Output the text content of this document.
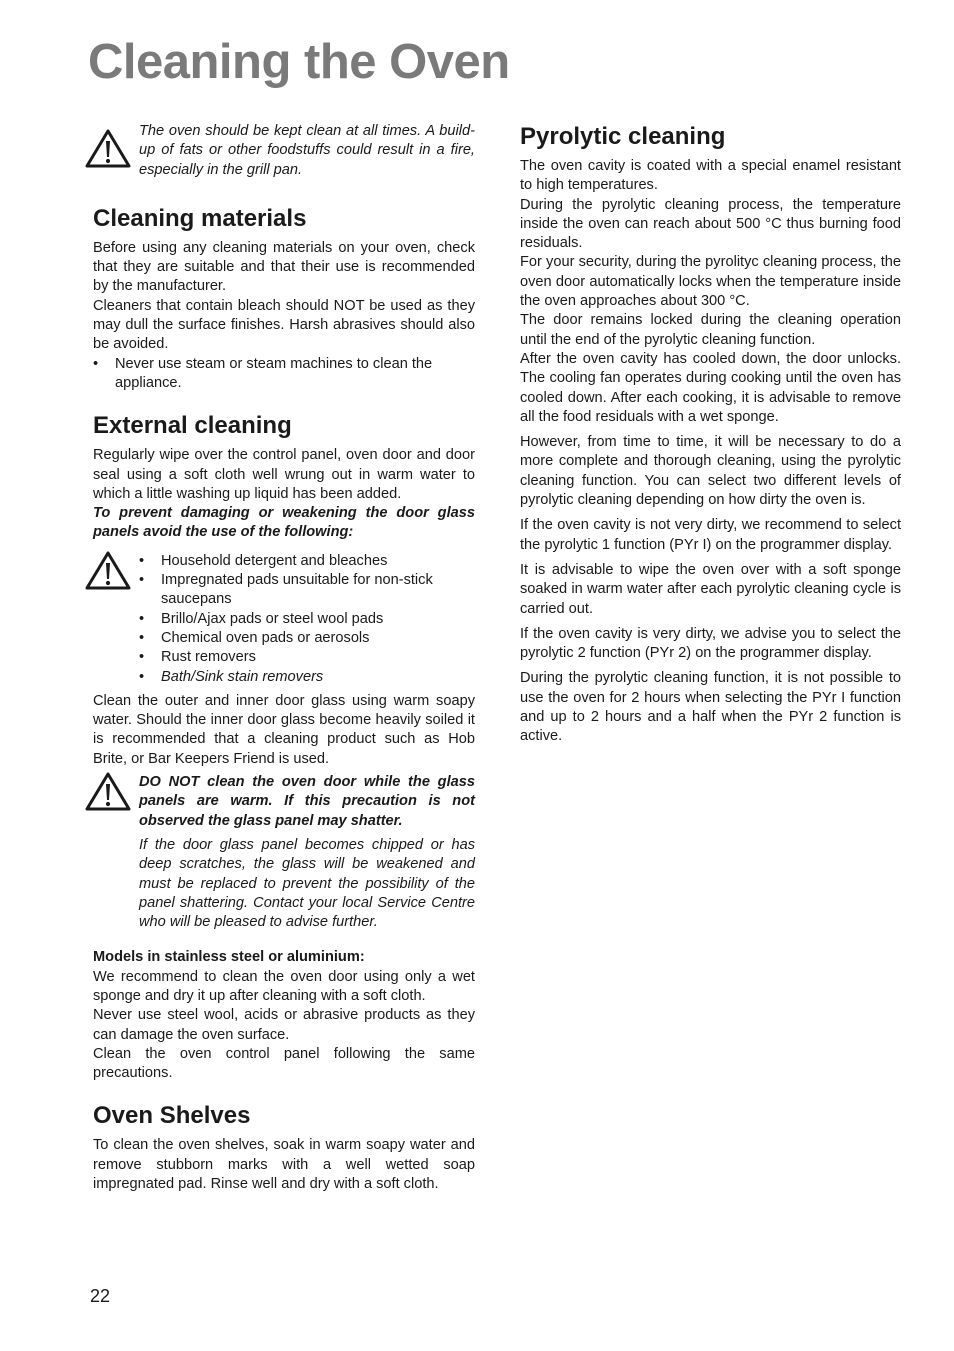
Cleaning the Oven

The oven should be kept clean at all times. A build-up of fats or other foodstuffs could result in a fire, especially in the grill pan.

Cleaning materials

Before using any cleaning materials on your oven, check that they are suitable and that their use is recommended by the manufacturer.

Cleaners that contain bleach should NOT be used as they may dull the surface finishes. Harsh abrasives should also be avoided.

• Never use steam or steam machines to clean the appliance.
External cleaning

Regularly wipe over the control panel, oven door and door seal using a soft cloth well wrung out in warm water to which a little washing up liquid has been added.

To prevent damaging or weakening the door glass panels avoid the use of the following:

• Household detergent and bleaches
• Impregnated pads unsuitable for non-stick saucepans
• Brillo/Ajax pads or steel wool pads
• Chemical oven pads or aerosols
• Rust removers
• Bath/Sink stain removers

Clean the outer and inner door glass using warm soapy water. Should the inner door glass become heavily soiled it is recommended that a cleaning product such as Hob Brite, or Bar Keepers Friend is used.

DO NOT clean the oven door while the glass panels are warm. If this precaution is not observed the glass panel may shatter.

If the door glass panel becomes chipped or has deep scratches, the glass will be weakened and must be replaced to prevent the possibility of the panel shattering. Contact your local Service Centre who will be pleased to advise further.

Models in stainless steel or aluminium:

We recommend to clean the oven door using only a wet sponge and dry it up after cleaning with a soft cloth.

Never use steel wool, acids or abrasive products as they can damage the oven surface.

Clean the oven control panel following the same precautions.

Oven Shelves

To clean the oven shelves, soak in warm soapy water and remove stubborn marks with a well wetted soap impregnated pad. Rinse well and dry with a soft cloth.

Pyrolytic cleaning

The oven cavity is coated with a special enamel resistant to high temperatures.

During the pyrolytic cleaning process, the temperature inside the oven can reach about 500 °C thus burning food residuals.

For your security, during the pyrolityc cleaning process, the oven door automatically locks when the temperature inside the oven approaches about 300 °C.

The door remains locked during the cleaning operation until the end of the pyrolytic cleaning function.

After the oven cavity has cooled down, the door unlocks. The cooling fan operates during cooking until the oven has cooled down. After each cooking, it is advisable to remove all the food residuals with a wet sponge.

However, from time to time, it will be necessary to do a more complete and thorough cleaning, using the pyrolytic cleaning function. You can select two different levels of pyrolytic cleaning depending on how dirty the oven is.

If the oven cavity is not very dirty, we recommend to select the pyrolytic 1 function (PYr I) on the programmer display.

It is advisable to wipe the oven over with a soft sponge soaked in warm water after each pyrolytic cleaning cycle is carried out.

If the oven cavity is very dirty, we advise you to select the pyrolytic 2 function (PYr 2) on the programmer display.

During the pyrolytic cleaning function, it is not possible to use the oven for 2 hours when selecting the PYr I function and up to 2 hours and a half when the PYr 2 function is active.

22
